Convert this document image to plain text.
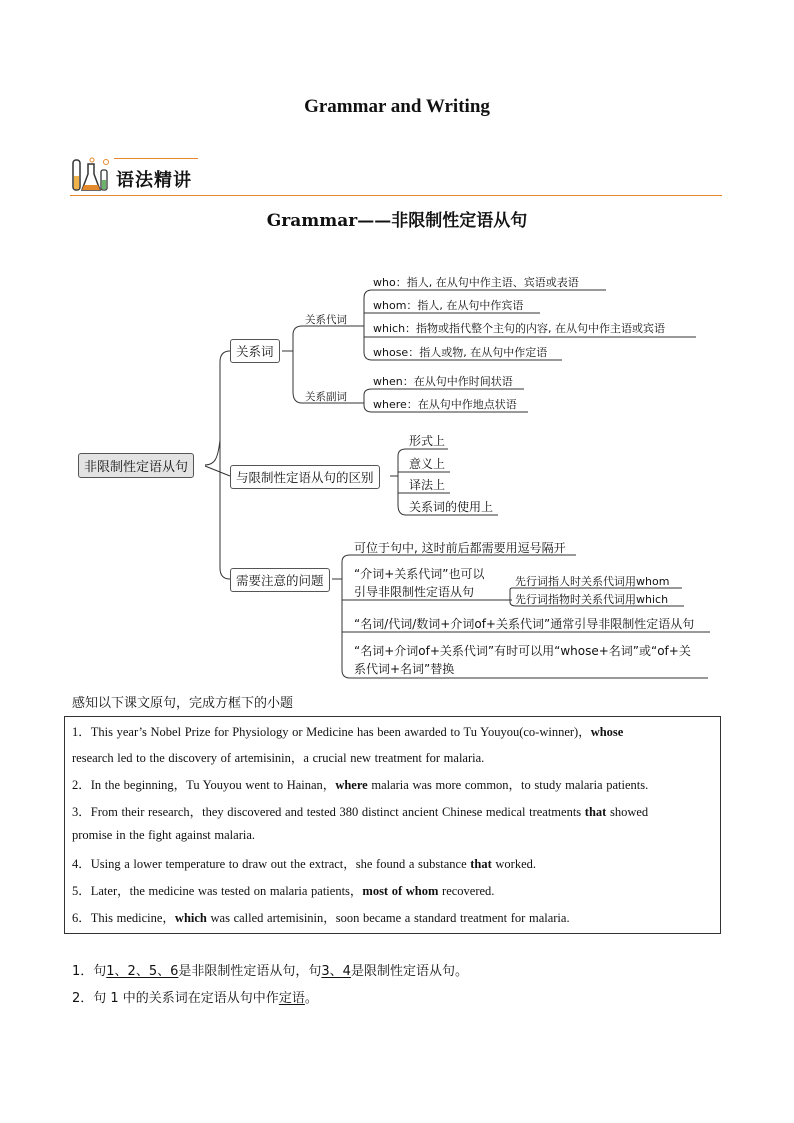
Grammar and Writing
语法精讲
Grammar——非限制性定语从句
非限制性定语从句
关系词
关系代词
关系副词
who：指人, 在从句中作主语、宾语或表语
whom：指人, 在从句中作宾语
which：指物或指代整个主句的内容, 在从句中作主语或宾语
whose：指人或物, 在从句中作定语
when：在从句中作时间状语
where：在从句中作地点状语
与限制性定语从句的区别
形式上
意义上
译法上
关系词的使用上
需要注意的问题
可位于句中, 这时前后都需要用逗号隔开
“介词+关系代词”也可以
引导非限制性定语从句
先行词指人时关系代词用whom
先行词指物时关系代词用which
“名词/代词/数词+介词of+关系代词”通常引导非限制性定语从句
“名词+介词of+关系代词”有时可以用“whose+名词”或“of+关
系代词+名词”替换
感知以下课文原句，完成方框下的小题
1．This year’s Nobel Prize for Physiology or Medicine has been awarded to Tu Youyou(co-winner)，whose
research led to the discovery of artemisinin，a crucial new treatment for malaria.
2．In the beginning，Tu Youyou went to Hainan，where malaria was more common，to study malaria patients.
3．From their research，they discovered and tested 380 distinct ancient Chinese medical treatments that showed
promise in the fight against malaria.
4．Using a lower temperature to draw out the extract，she found a substance that worked.
5．Later，the medicine was tested on malaria patients，most of whom recovered.
6．This medicine，which was called artemisinin，soon became a standard treatment for malaria.
1．句1、2、5、6是非限制性定语从句，句3、4是限制性定语从句。
2．句 1 中的关系词在定语从句中作定语。
